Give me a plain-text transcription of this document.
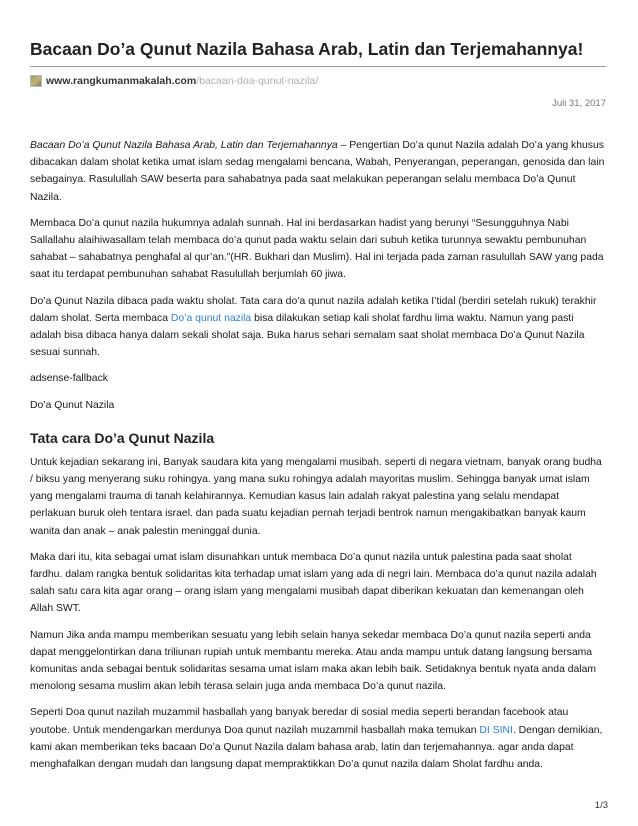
Bacaan Do’a Qunut Nazila Bahasa Arab, Latin dan Terjemahannya!
www.rangkumanmakalah.com /bacaan-doa-qunut-nazila/
Juli 31, 2017

Bacaan Do’a Qunut Nazila Bahasa Arab, Latin dan Terjemahannya – Pengertian Do’a qunut Nazila adalah Do’a yang khusus dibacakan dalam sholat ketika umat islam sedag mengalami bencana, Wabah, Penyerangan, peperangan, genosida dan lain sebagainya. Rasulullah SAW beserta para sahabatnya pada saat melakukan peperangan selalu membaca Do’a Qunut Nazila.

Membaca Do’a qunut nazila hukumnya adalah sunnah. Hal ini berdasarkan hadist yang berunyi “Sesungguhnya Nabi Sallallahu alaihiwasallam telah membaca do’a qunut pada waktu selain dari subuh ketika turunnya sewaktu pembunuhan sahabat – sahabatnya penghafal al qur’an.”(HR. Bukhari dan Muslim). Hal ini terjada pada zaman rasulullah SAW yang pada saat itu terdapat pembunuhan sahabat Rasulullah berjumlah 60 jiwa.

Do’a Qunut Nazila dibaca pada waktu sholat. Tata cara do’a qunut nazila adalah ketika I’tidal (berdiri setelah rukuk) terakhir dalam sholat. Serta membaca Do’a qunut nazila bisa dilakukan setiap kali sholat fardhu lima waktu. Namun yang pasti adalah bisa dibaca hanya dalam sekali sholat saja. Buka harus sehari semalam saat sholat membaca Do’a Qunut Nazila sesuai sunnah.

adsense-fallback

Do’a Qunut Nazila

Tata cara Do’a Qunut Nazila

Untuk kejadian sekarang ini, Banyak saudara kita yang mengalami musibah. seperti di negara vietnam, banyak orang budha / biksu yang menyerang suku rohingya. yang mana suku rohingya adalah mayoritas muslim. Sehingga banyak umat islam yang mengalami trauma di tanah kelahirannya. Kemudian kasus lain adalah rakyat palestina yang selalu mendapat perlakuan buruk oleh tentara israel. dan pada suatu kejadian pernah terjadi bentrok namun mengakibatkan banyak kaum wanita dan anak – anak palestin meninggal dunia.

Maka dari itu, kita sebagai umat islam disunahkan untuk membaca Do’a qunut nazila untuk palestina pada saat sholat fardhu. dalam rangka bentuk solidaritas kita terhadap umat islam yang ada di negri lain. Membaca do’a qunut nazila adalah salah satu cara kita agar orang – orang islam yang mengalami musibah dapat diberikan kekuatan dan kemenangan oleh Allah SWT.

Namun Jika anda mampu memberikan sesuatu yang lebih selain hanya sekedar membaca Do’a qunut nazila seperti anda dapat menggelontirkan dana triliunan rupiah untuk membantu mereka. Atau anda mampu untuk datang langsung bersama komunitas anda sebagai bentuk solidaritas sesama umat islam maka akan lebih baik. Setidaknya bentuk nyata anda dalam menolong sesama muslim akan lebih terasa selain juga anda membaca Do’a qunut nazila.

Seperti Doa qunut nazilah muzammil hasballah yang banyak beredar di sosial media seperti berandan facebook atau youtobe. Untuk mendengarkan merdunya Doa qunut nazilah muzammil hasballah maka temukan DI SINI. Dengan demikian, kami akan memberikan teks bacaan Do’a Qunut Nazila dalam bahasa arab, latin dan terjemahannya. agar anda dapat menghafalkan dengan mudah dan langsung dapat mempraktikkan Do’a qunut nazila dalam Sholat fardhu anda.

1/3
